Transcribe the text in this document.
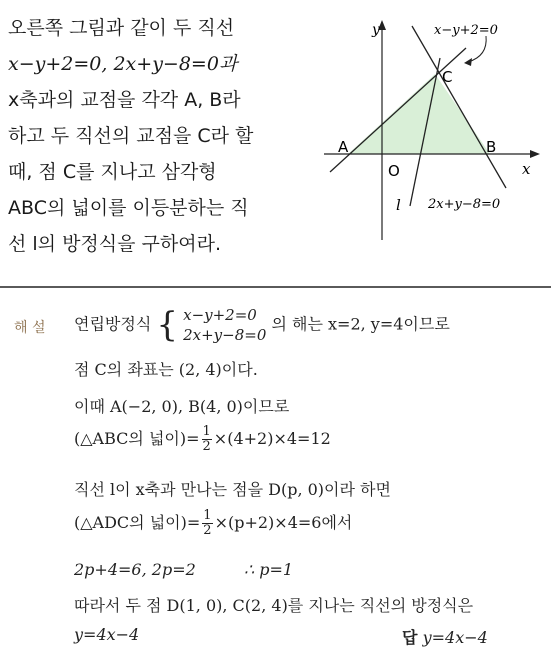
오른쪽 그림과 같이 두 직선
x−y+2=0, 2x+y−8=0과
x축과의 교점을 각각 A, B라
하고 두 직선의 교점을 C라 할
때, 점 C를 지나고 삼각형
ABC의 넓이를 이등분하는 직
선 l의 방정식을 구하여라.
y
x
O
A	B
C
l
x−y+2=0
2x+y−8=0
해 설 연립방정식 { x−y+2=0
2x+y−8=0
의 해는 x=2, y=4이므로
점 C의 좌표는 (2, 4)이다.
이때 A(−2, 0), B(4, 0)이므로
(△ABC의 넓이)= $\frac{1}{2} \times(4+2)\times 4=12$
직선 l이 x축과 만나는 점을 D(p, 0)이라 하면
(△ADC의 넓이)= $\frac{1}{2} \times(p+2)\times 4=6$에서
2p+4=6, 2p=2	∴ p=1
따라서 두 점 D(1, 0), C(2, 4)를 지나는 직선의 방정식은
y=4x−4	답 y=4x−4
